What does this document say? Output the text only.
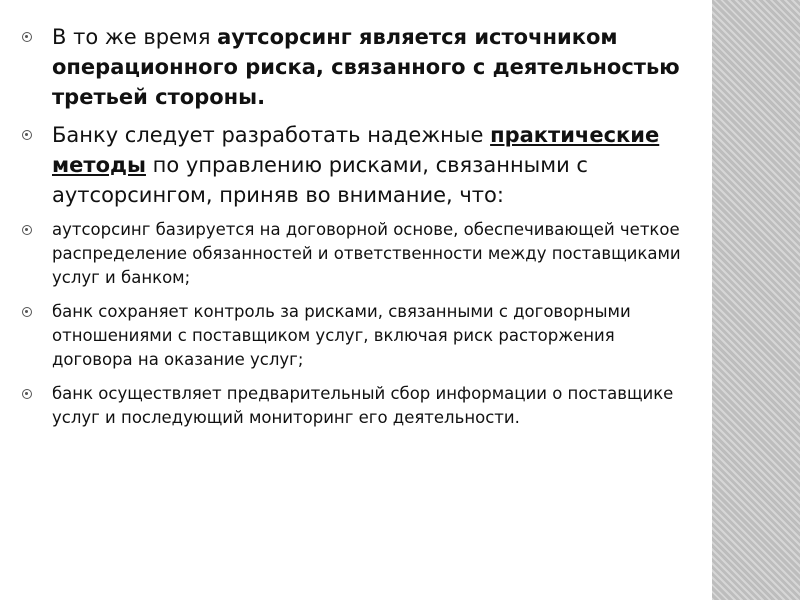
В то же время аутсорсинг является источником операционного риска, связанного с деятельностью третьей стороны.
Банку следует разработать надежные практические методы по управлению рисками, связанными с аутсорсингом, приняв во внимание, что:
аутсорсинг базируется на договорной основе, обеспечивающей четкое распределение обязанностей и ответственности между поставщиками услуг и банком;
банк сохраняет контроль за рисками, связанными с договорными отношениями с поставщиком услуг, включая риск расторжения договора на оказание услуг;
банк осуществляет предварительный сбор информации о поставщике услуг и последующий мониторинг его деятельности.
